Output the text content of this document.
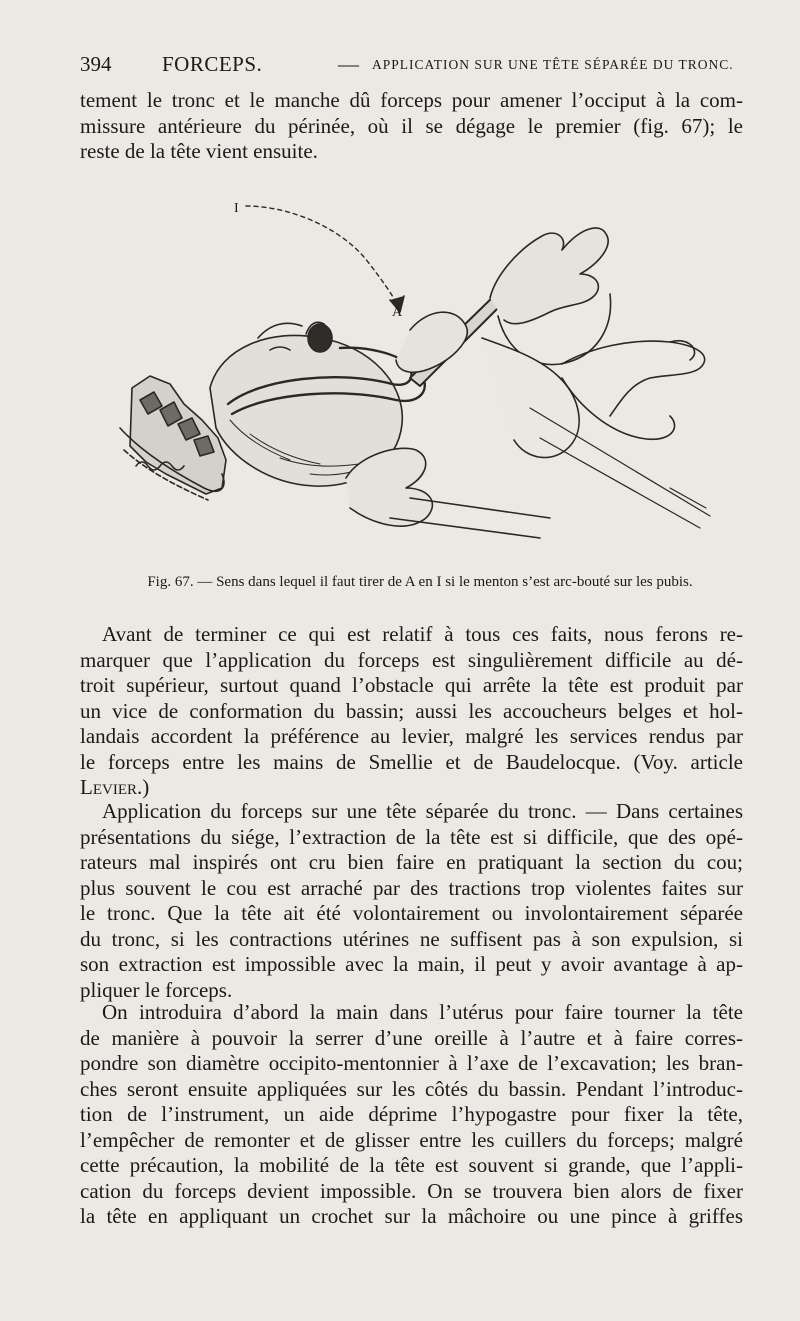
394 FORCEPS.	— APPLICATION SUR UNE TÊTE SÉPARÉE DU TRONC.
tement le tronc et le manche dû forceps pour amener l’occiput à la com-
missure antérieure du périnée, où il se dégage le premier (fig. 67); le
reste de la tête vient ensuite.
I
A
Fig. 67. — Sens dans lequel il faut tirer de A en I si le menton s’est arc-bouté sur les pubis.
Avant de terminer ce qui est relatif à tous ces faits, nous ferons re-
marquer que l’application du forceps est singulièrement difficile au dé-
troit supérieur, surtout quand l’obstacle qui arrête la tête est produit par
un vice de conformation du bassin; aussi les accoucheurs belges et hol-
landais accordent la préférence au levier, malgré les services rendus par
le forceps entre les mains de Smellie et de Baudelocque. (Voy. article
Levier.)
Application du forceps sur une tête séparée du tronc. — Dans certaines
présentations du siége, l’extraction de la tête est si difficile, que des opé-
rateurs mal inspirés ont cru bien faire en pratiquant la section du cou;
plus souvent le cou est arraché par des tractions trop violentes faites sur
le tronc. Que la tête ait été volontairement ou involontairement séparée
du tronc, si les contractions utérines ne suffisent pas à son expulsion, si
son extraction est impossible avec la main, il peut y avoir avantage à ap-
pliquer le forceps.
On introduira d’abord la main dans l’utérus pour faire tourner la tête
de manière à pouvoir la serrer d’une oreille à l’autre et à faire corres-
pondre son diamètre occipito-mentonnier à l’axe de l’excavation; les bran-
ches seront ensuite appliquées sur les côtés du bassin. Pendant l’introduc-
tion de l’instrument, un aide déprime l’hypogastre pour fixer la tête,
l’empêcher de remonter et de glisser entre les cuillers du forceps; malgré
cette précaution, la mobilité de la tête est souvent si grande, que l’appli-
cation du forceps devient impossible. On se trouvera bien alors de fixer
la tête en appliquant un crochet sur la mâchoire ou une pince à griffes
